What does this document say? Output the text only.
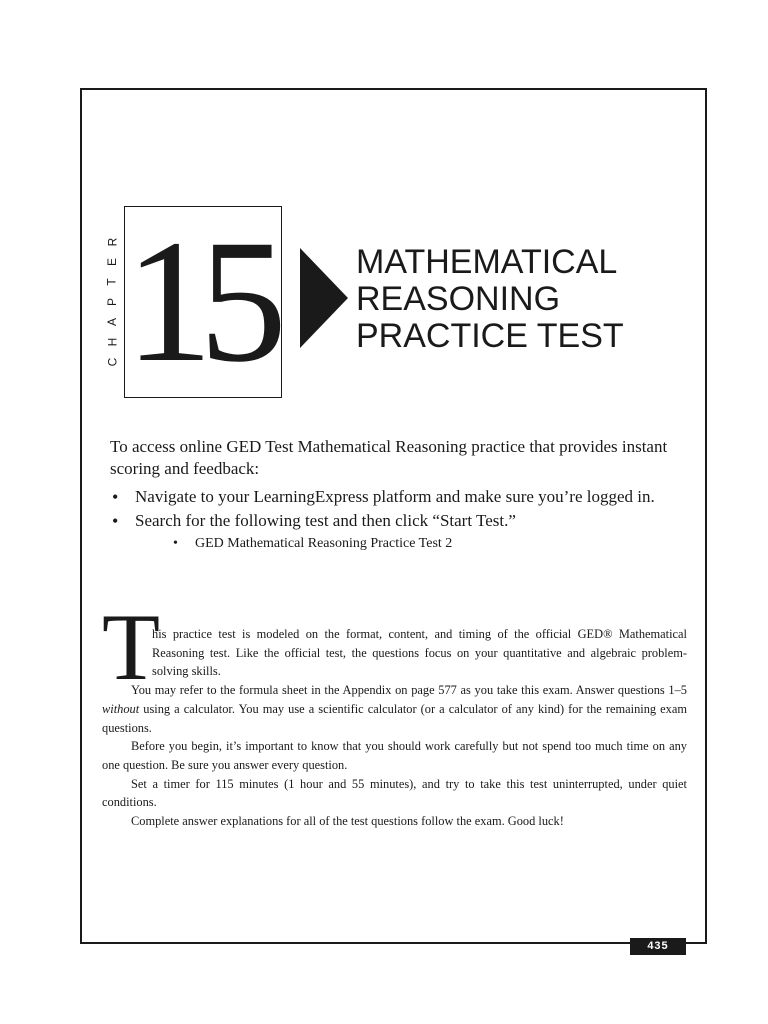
R
E
T
P
A
H
C 15	MATHEMATICAL
REASONING
PRACTICE TEST

To access online GED Test Mathematical Reasoning practice that provides instant scoring and feedback:

• Navigate to your LearningExpress platform and make sure you’re logged in.
• Search for the following test and then click “Start Test.”
• GED Mathematical Reasoning Practice Test 2
T

his practice test is modeled on the format, content, and timing of the official GED® Mathematical Reasoning test. Like the official test, the questions focus on your quantitative and algebraic problem-solving skills.

You may refer to the formula sheet in the Appendix on page 577 as you take this exam. Answer questions 1–5 without using a calculator. You may use a scientific calculator (or a calculator of any kind) for the remaining exam questions.

Before you begin, it’s important to know that you should work carefully but not spend too much time on any one question. Be sure you answer every question.

Set a timer for 115 minutes (1 hour and 55 minutes), and try to take this test uninterrupted, under quiet conditions.

Complete answer explanations for all of the test questions follow the exam. Good luck!

435
